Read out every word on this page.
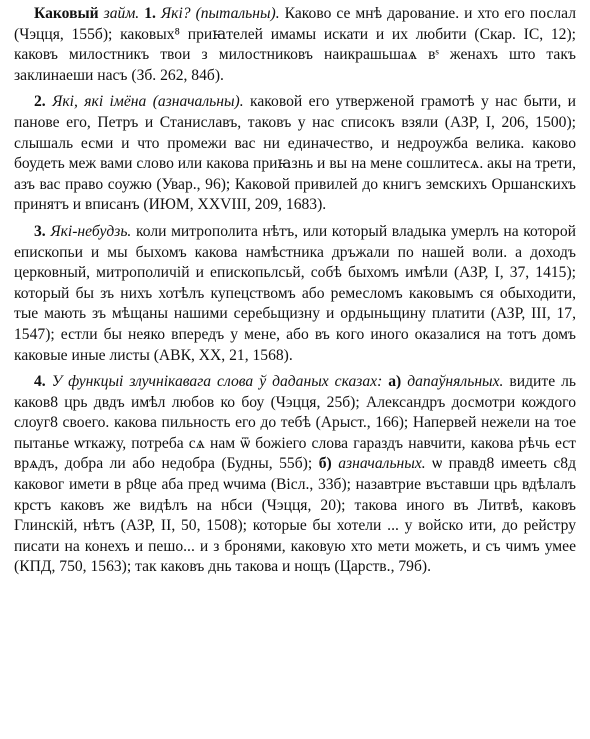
Каковый займ. 1. Які? (пытальны). Каково се мнѣ дарование. и хто его послал (Чэцця, 155б); каковых⁸ приꙗтелей имамы искати и их любити (Скар. ІС, 12); каковъ милостникъ твои з милостниковъ наикрашьшаѧ вˢ женахъ што такъ заклинаеши насъ (Зб. 262, 84б).

2. Які, які імёна (азначальны). каковой его утверженой грамотѣ у нас быти, и панове его, Петръ и Станиславъ, таковъ у нас списокъ взяли (АЗР, I, 206, 1500); слышаль есми и что промежи вас ни единачество, и недроужба велика. каково боудеть меж вами слово или какова приꙗзнь и вы на мене сошлитесѧ. акы на трети, азъ вас право соужю (Увар., 96); Каковой привилей до книгъ земскихъ Оршанскихъ принятъ и вписанъ (ИЮМ, XXVIII, 209, 1683).

3. Які-небудзь. коли митрополита нѣтъ, или который владыка умерлъ на которой епископьи и мы быхомъ какова намѣстника дръжали по нашей воли. а доходъ церковный, митрополичій и епископьлсьй, собѣ быхомъ имѣли (АЗР, I, 37, 1415); который бы зъ нихъ хотѣлъ купецствомъ або ремесломъ каковымъ ся обыходити, тые мають зъ мѣщаны нашими серебьщизну и ордыньщину платити (АЗР, III, 17, 1547); естли бы неяко впередъ у мене, або въ кого иного оказалися на тотъ домъ каковые иные листы (АВК, XX, 21, 1568).

4. У функцыі злучнікавага слова ў даданых сказах: а) дапаўняльных. видите ль каков8 црь двдъ имѣл любов ко боу (Чэцця, 25б); Александръ досмотри кождого слоуг8 своего. какова пильность его до тебѣ (Арыст., 166); Напервей нежели на тое пытанье ѡткажу, потреба сѧ нам ѿ божіего слова гараздъ навчити, какова рѣчь ест врѧдъ, добра ли або недобра (Будны, 55б); б) азначальных. ѡ правд8 имееть с8д каковог имети в р8це аба пред ѡчима (Вісл., 33б); назавтрие въставши црь вдѣлалъ крстъ каковъ же видѣлъ на нбси (Чэцця, 20); такова иного въ Литвѣ, каковъ Глинскій, нѣтъ (АЗР, II, 50, 1508); которые бы хотели ... у войско ити, до рейстру писати на конехъ и пешо... и з бронями, каковую хто мети можеть, и съ чимъ умее (КПД, 750, 1563); так каковъ днь такова и нощъ (Царств., 79б).
